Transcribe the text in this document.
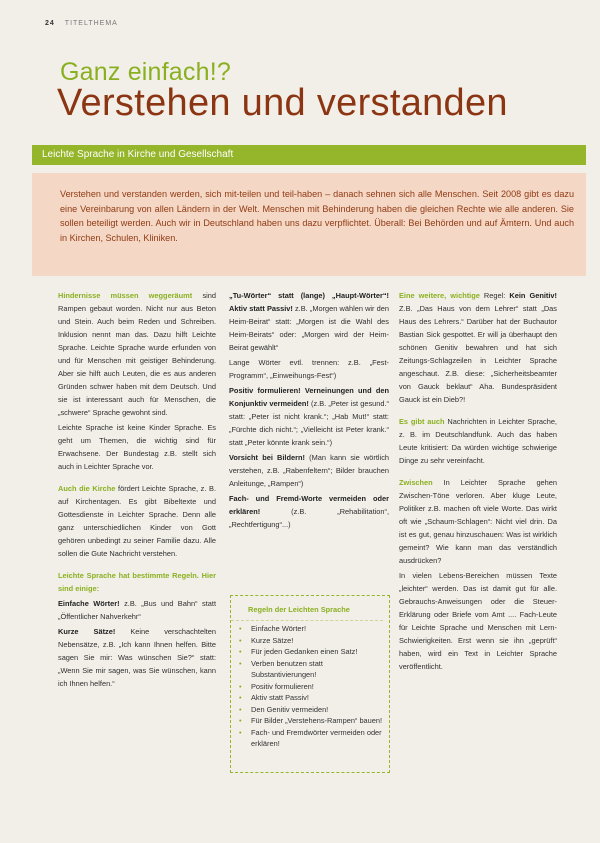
24 TITELTHEMA
Ganz einfach!?
Verstehen und verstanden
Leichte Sprache in Kirche und Gesellschaft

Verstehen und verstanden werden, sich mit-teilen und teil-haben – danach sehnen sich alle Menschen. Seit 2008 gibt es dazu eine Vereinbarung von allen Ländern in der Welt. Menschen mit Behinderung haben die gleichen Rechte wie alle anderen. Sie sollen beteiligt werden. Auch wir in Deutschland haben uns dazu verpflichtet. Überall: Bei Behörden und auf Ämtern. Und auch in Kirchen, Schulen, Kliniken.

Hindernisse müssen weggeräumt sind Rampen gebaut worden. Nicht nur aus Beton und Stein. Auch beim Reden und Schreiben. Inklusion nennt man das. Dazu hilft Leichte Sprache. Leichte Sprache wurde erfunden von und für Menschen mit geistiger Behinderung. Aber sie hilft auch Leuten, die es aus anderen Gründen schwer haben mit dem Deutsch. Und sie ist interessant auch für Menschen, die „schwere“ Sprache gewohnt sind.

Leichte Sprache ist keine Kinder Sprache. Es geht um Themen, die wichtig sind für Erwachsene. Der Bundestag z.B. stellt sich auch in Leichter Sprache vor.

Auch die Kirche fördert Leichte Sprache, z. B. auf Kirchentagen. Es gibt Bibeltexte und Gottesdienste in Leichter Sprache. Denn alle ganz unterschiedlichen Kinder von Gott gehören unbedingt zu seiner Familie dazu. Alle sollen die Gute Nachricht verstehen.

Leichte Sprache hat bestimmte Regeln. Hier sind einige:

Einfache Wörter! z.B. „Bus und Bahn“ statt „Öffentlicher Nahverkehr“

Kurze Sätze! Keine verschachtelten Nebensätze, z.B. „Ich kann Ihnen helfen. Bitte sagen Sie mir: Was wünschen Sie?“ statt: „Wenn Sie mir sagen, was Sie wünschen, kann ich Ihnen helfen.“

„Tu-Wörter“ statt (lange) „Haupt-Wörter“! Aktiv statt Passiv! z.B. „Morgen wählen wir den Heim-Beirat“ statt: „Morgen ist die Wahl des Heim-Beirats“ oder: „Morgen wird der Heim-Beirat gewählt“

Lange Wörter evtl. trennen: z.B. „Fest-Programm“, „Einweihungs-Fest“)

Positiv formulieren! Verneinungen und den Konjunktiv vermeiden! (z.B. „Peter ist gesund.“ statt: „Peter ist nicht krank.“; „Hab Mut!“ statt: „Fürchte dich nicht.“; „Vielleicht ist Peter krank.“ statt „Peter könnte krank sein.“)

Vorsicht bei Bildern! (Man kann sie wörtlich verstehen, z.B. „Rabenfeltern“; Bilder brauchen Anleitunge, „Rampen“)

Fach- und Fremd-Worte vermeiden oder erklären! (z.B. „Rehabilitation“, „Rechtfertigung“...)

Regeln der Leichten Sprache
• Einfache Wörter!
• Kurze Sätze!
• Für jeden Gedanken einen Satz!
• Verben benutzen statt Substantivierungen!
• Positiv formulieren!
• Aktiv statt Passiv!
• Den Genitiv vermeiden!
• Für Bilder „Verstehens-Rampen“ bauen!
• Fach- und Fremdwörter vermeiden oder erklären!

Eine weitere, wichtige Regel: Kein Genitiv! Z.B. „Das Haus von dem Lehrer“ statt „Das Haus des Lehrers.“ Darüber hat der Buchautor Bastian Sick gespottet. Er will ja überhaupt den schönen Genitiv bewahren und hat sich Zeitungs-Schlagzeilen in Leichter Sprache angeschaut. Z.B. diese: „Sicherheitsbeamter von Gauck beklaut“ Aha. Bundespräsident Gauck ist ein Dieb?!

Es gibt auch Nachrichten in Leichter Sprache, z. B. im Deutschlandfunk. Auch das haben Leute kritisiert: Da würden wichtige schwierige Dinge zu sehr vereinfacht.

Zwischen In Leichter Sprache gehen Zwischen-Töne verloren. Aber kluge Leute, Politiker z.B. machen oft viele Worte. Das wirkt oft wie „Schaum-Schlagen“: Nicht viel drin. Da ist es gut, genau hinzuschauen: Was ist wirklich gemeint? Wie kann man das verständlich ausdrücken?

In vielen Lebens-Bereichen müssen Texte „leichter“ werden. Das ist damit gut für alle. Gebrauchs-Anweisungen oder die Steuer-Erklärung oder Briefe vom Amt .... Fach-Leute für Leichte Sprache und Menschen mit Lern-Schwierigkeiten. Erst wenn sie ihn „geprüft“ haben, wird ein Text in Leichter Sprache veröffentlicht.
